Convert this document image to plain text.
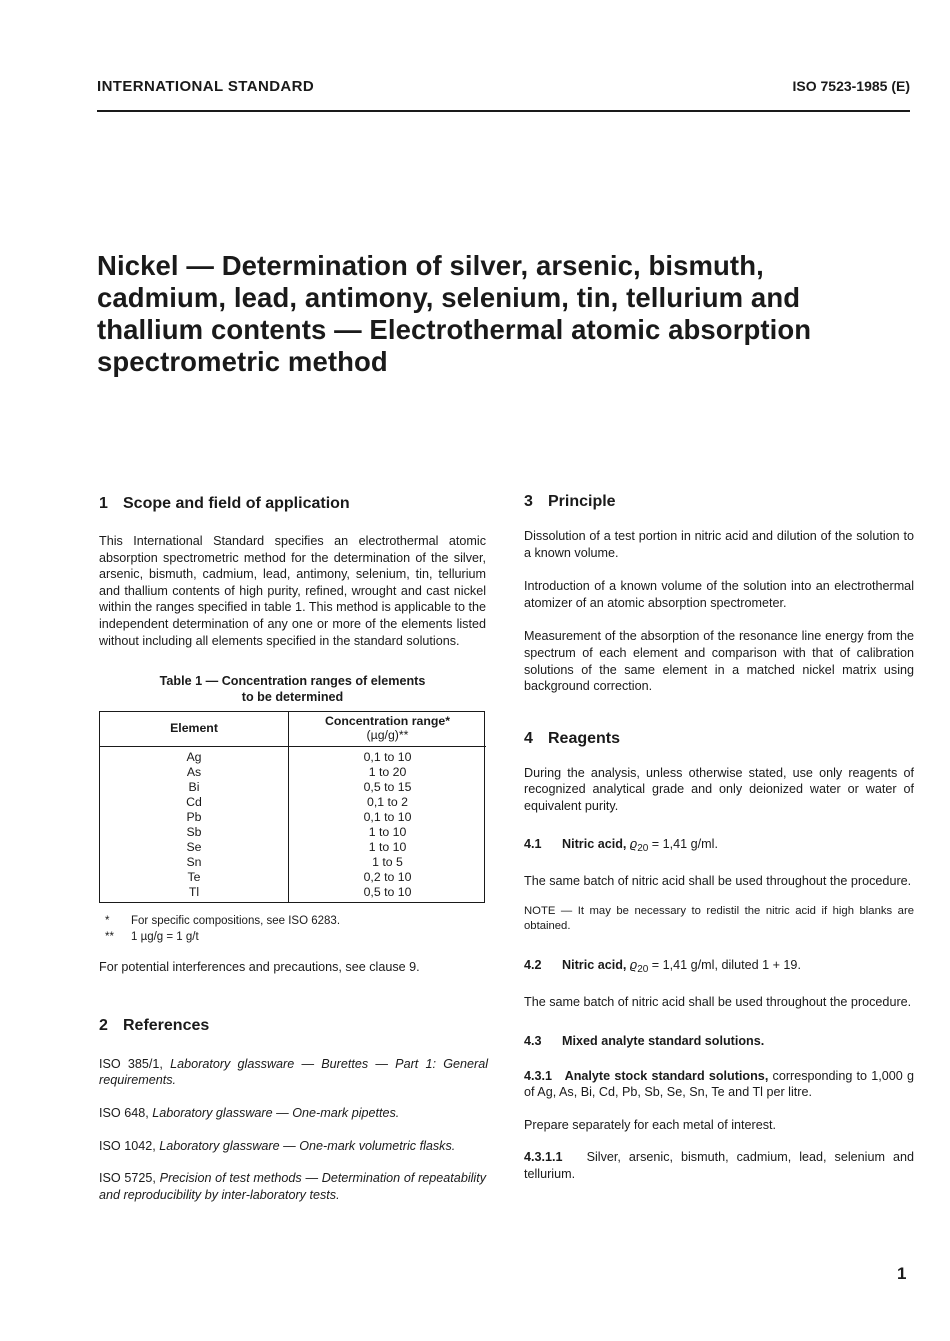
INTERNATIONAL STANDARD	ISO 7523-1985 (E)
Nickel — Determination of silver, arsenic, bismuth,
cadmium, lead, antimony, selenium, tin, tellurium and
thallium contents — Electrothermal atomic absorption
spectrometric method
1 Scope and field of application

This International Standard specifies an electrothermal atomic absorption spectrometric method for the determination of the silver, arsenic, bismuth, cadmium, lead, antimony, selenium, tin, tellurium and thallium contents of high purity, refined, wrought and cast nickel within the ranges specified in table 1. This method is applicable to the independent determination of any one or more of the elements listed without including all elements specified in the standard solutions.

Table 1 — Concentration ranges of elements
to be determined
Element	Concentration range*
(µg/g)**
Ag	0,1 to 10
As	1 to 20
Bi	0,5 to 15
Cd	0,1 to 2
Pb	0,1 to 10
Sb	1 to 10
Se	1 to 10
Sn	1 to 5
Te	0,2 to 10
Tl	0,5 to 10
* For specific compositions, see ISO 6283.
** 1 µg/g = 1 g/t

For potential interferences and precautions, see clause 9.

2 References

ISO 385/1, Laboratory glassware — Burettes — Part 1: General requirements.

ISO 648, Laboratory glassware — One-mark pipettes.

ISO 1042, Laboratory glassware — One-mark volumetric flasks.

ISO 5725, Precision of test methods — Determination of repeatability and reproducibility by inter-laboratory tests.

3 Principle

Dissolution of a test portion in nitric acid and dilution of the solution to a known volume.

Introduction of a known volume of the solution into an electrothermal atomizer of an atomic absorption spectrometer.

Measurement of the absorption of the resonance line energy from the spectrum of each element and comparison with that of calibration solutions of the same element in a matched nickel matrix using background correction.

4 Reagents

During the analysis, unless otherwise stated, use only reagents of recognized analytical grade and only deionized water or water of equivalent purity.

4.1 Nitric acid, $ϱ_{20} = 1,41$ g/ml.

The same batch of nitric acid shall be used throughout the procedure.

NOTE — It may be necessary to redistil the nitric acid if high blanks are obtained.

4.2 Nitric acid, $ϱ_{20} = 1,41$ g/ml, diluted 1 + 19.

The same batch of nitric acid shall be used throughout the procedure.

4.3 Mixed analyte standard solutions.

4.3.1 Analyte stock standard solutions, corresponding to 1,000 g of Ag, As, Bi, Cd, Pb, Sb, Se, Sn, Te and Tl per litre.

Prepare separately for each metal of interest.

4.3.1.1 Silver, arsenic, bismuth, cadmium, lead, selenium and tellurium.

1
